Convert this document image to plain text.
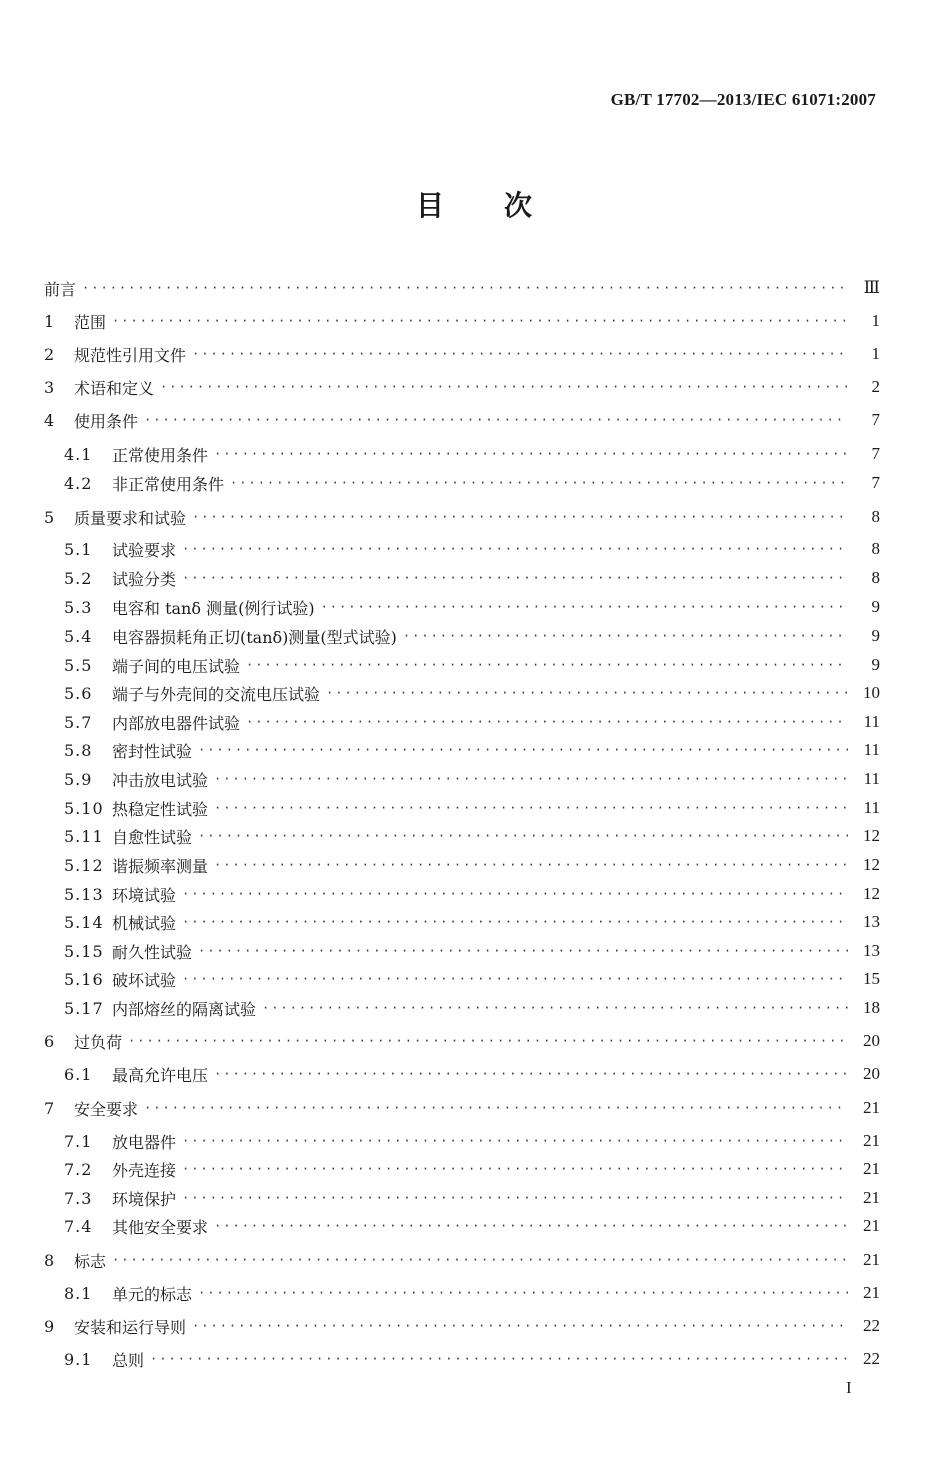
GB/T 17702—2013/IEC 61071:2007
目 次
前言 ·····	Ⅲ
1	范围 ·····	1
2	规范性引用文件 ·····	1
3	术语和定义 ·····	2
4	使用条件 ·····	7
4.1	正常使用条件 ·····	7
4.2	非正常使用条件 ·····	7
5	质量要求和试验 ·····	8
5.1	试验要求 ·····	8
5.2	试验分类 ·····	8
5.3	电容和 tanδ 测量(例行试验) ·····	9
5.4	电容器损耗角正切(tanδ)测量(型式试验) ·····	9
5.5	端子间的电压试验 ·····	9
5.6	端子与外壳间的交流电压试验 ·····	10
5.7	内部放电器件试验 ·····	11
5.8	密封性试验 ·····	11
5.9	冲击放电试验 ·····	11
5.10 热稳定性试验 ·····	11
5.11 自愈性试验 ·····	12
5.12 谐振频率测量 ·····	12
5.13 环境试验 ·····	12
5.14 机械试验 ·····	13
5.15 耐久性试验 ·····	13
5.16 破坏试验 ·····	15
5.17 内部熔丝的隔离试验 ·····	18
6	过负荷 ·····	20
6.1	最高允许电压 ·····	20
7	安全要求 ·····	21
7.1	放电器件 ·····	21
7.2	外壳连接 ·····	21
7.3	环境保护 ·····	21
7.4	其他安全要求 ·····	21
8	标志 ·····	21
8.1	单元的标志 ·····	21
9	安装和运行导则 ·····	22
9.1	总则 ·····	22
I
